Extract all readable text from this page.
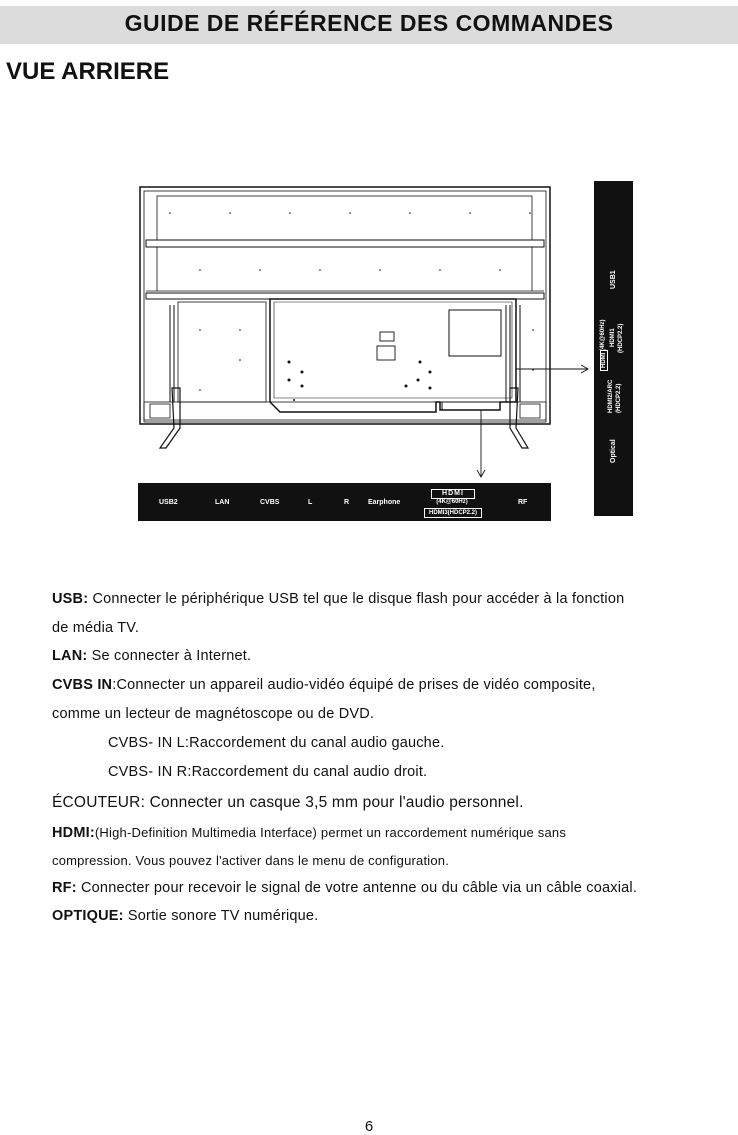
GUIDE DE RÉFÉRENCE DES COMMANDES
VUE ARRIERE
USB1
HDMI
(4K@60Hz) HDMI1 (HDCP2.2)
HDMI2/ARC (HDCP2.2)
Optical
USB2	LAN	CVBS	L	R	Earphone
HDMI
(4K@60Hz)
HDMI3(HDCP2.2)
RF
USB: Connecter le périphérique USB tel que le disque flash pour accéder à la fonction
de média TV.
LAN: Se connecter à Internet.
CVBS IN:Connecter un appareil audio-vidéo équipé de prises de vidéo composite,
comme un lecteur de magnétoscope ou de DVD.
CVBS- IN L:Raccordement du canal audio gauche.
CVBS- IN R:Raccordement du canal audio droit.
ÉCOUTEUR: Connecter un casque 3,5 mm pour l'audio personnel.
HDMI:(High-Definition Multimedia Interface) permet un raccordement numérique sans
compression. Vous pouvez l'activer dans le menu de configuration.
RF: Connecter pour recevoir le signal de votre antenne ou du câble via un câble coaxial.
OPTIQUE: Sortie sonore TV numérique.
6
